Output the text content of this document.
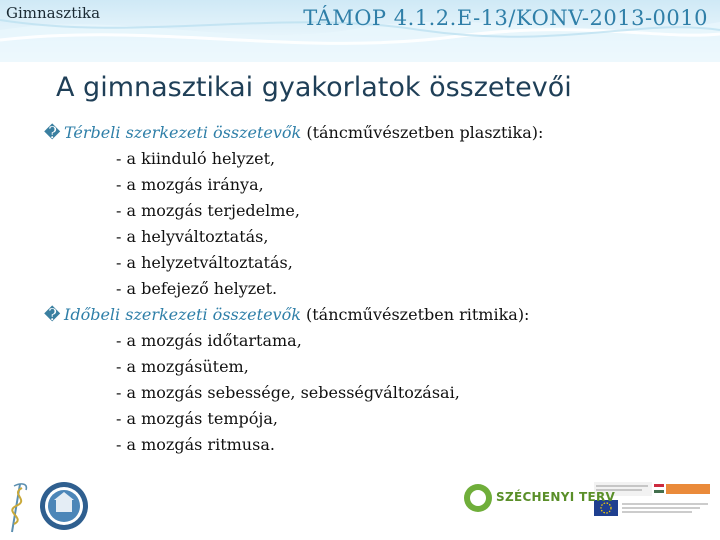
Gimnasztika	TÁMOP 4.1.2.E-13/KONV-2013-0010
A gimnasztikai gyakorlatok összetevői
� Térbeli szerkezeti összetevők (táncművészetben plasztika):
- a kiinduló helyzet,
- a mozgás iránya,
- a mozgás terjedelme,
- a helyváltoztatás,
- a helyzetváltoztatás,
- a befejező helyzet.
� Időbeli szerkezeti összetevők (táncművészetben ritmika):
- a mozgás időtartama,
- a mozgásütem,
- a mozgás sebessége, sebességváltozásai,
- a mozgás tempója,
- a mozgás ritmusa.
SZÉCHENYI TERV
